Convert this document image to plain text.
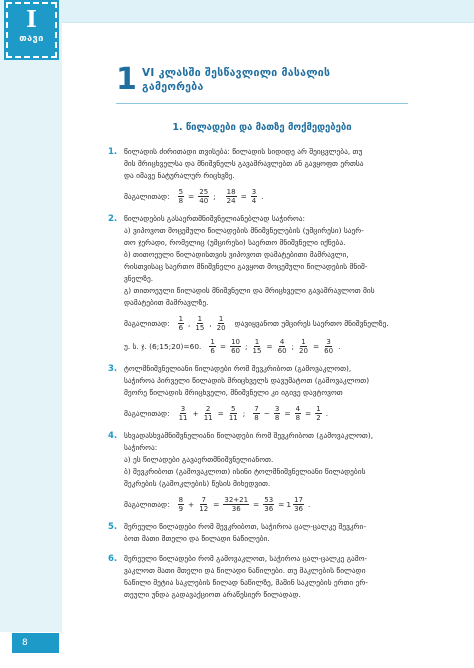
I
თავი
1 VI კლასში შესწავლილი მასალის
გამეორება
1. წილადები და მათზე მოქმედებები
1. წილადის ძირითადი თვისება: წილადის სიდიდე არ შეიცვლება, თუ

მის მრიცხველსა და მნიშვნელს გავამრავლებთ ან გავყოფთ ერთსა

და იმავე ნატურალურ რიცხვზე.

მაგალითად: $\frac{5}{8} = \frac{25}{40}$ ; $\frac{18}{24} = \frac{3}{4}$ .
2. წილადების გასაერთმნიშვნელიანებლად საჭიროა:

ა) ვიპოვოთ მოცემული წილადების მნიშვნელების (უმცირესი) საერ-

თო ჯერადი, რომელიც (უმცირესი) საერთო მნიშვნელი იქნება.

ბ) თითოეული წილადისთვის ვიპოვოთ დამატებითი მამრავლი,

რისთვისაც საერთო მნიშვნელი გავყოთ მოცემული წილადების მნიშ-

ვნელზე.

გ) თითოეული წილადის მნიშვნელი და მრიცხველი გავამრავლოთ მის

დამატებით მამრავლზე.

მაგალითად: $\frac{1}{6}$ , $\frac{1}{15}$ , $\frac{1}{20}$ დავიყვანოთ უმცირეს საერთო მნიშვნელზე.
უ. ს. ჯ. (6;15;20)=60. $\frac{1}{6} = \frac{10}{60}$ ; $\frac{1}{15} = \frac{4}{60}$ ; $\frac{1}{20} = \frac{3}{60}$ .
3. ტოლმნიშვნელიანი წილადები რომ შევკრიბოთ (გამოვაკლოთ),

საჭიროა პირველი წილადის მრიცხველს დავუმატოთ (გამოვაკლოთ)

მეორე წილადის მრიცხველი, მნიშვნელი კი იგივე დავტოვოთ

მაგალითად: $\frac{3}{11} + \frac{2}{11} = \frac{5}{11}$ ; $\frac{7}{8} - \frac{3}{8} = \frac{4}{8} = \frac{1}{2}$ .
4. სხვადასხვამნიშვნელიანი წილადები რომ შევკრიბოთ (გამოვაკლოთ),

საჭიროა:

ა) ეს წილადები გავაერთმნიშვნელიანოთ.

ბ) შევკრიბოთ (გამოვაკლოთ) ისინი ტოლმნიშვნელიანი წილადების

შეკრების (გამოკლების) წესის მიხედვით.

მაგალითად: $\frac{8}{9} + \frac{7}{12} = \frac{32+21}{36} = \frac{53}{36} = 1 \frac{17}{36}$ .
5. შერეული წილადები რომ შევკრიბოთ, საჭიროა ცალ-ცალკე შევკრი-

ბოთ მათი მთელი და წილადი ნაწილები.

6. შერეული წილადები რომ გამოვაკლოთ, საჭიროა ცალ-ცალკე გამო-

ვაკლოთ მათი მთელი და წილადი ნაწილები. თუ მაკლების წილადი

ნაწილი მეტია საკლების წილად ნაწილზე, მაშინ საკლების ერთი ერ-

თეული უნდა გადავაქციოთ არაწესიერ წილადად.

8
